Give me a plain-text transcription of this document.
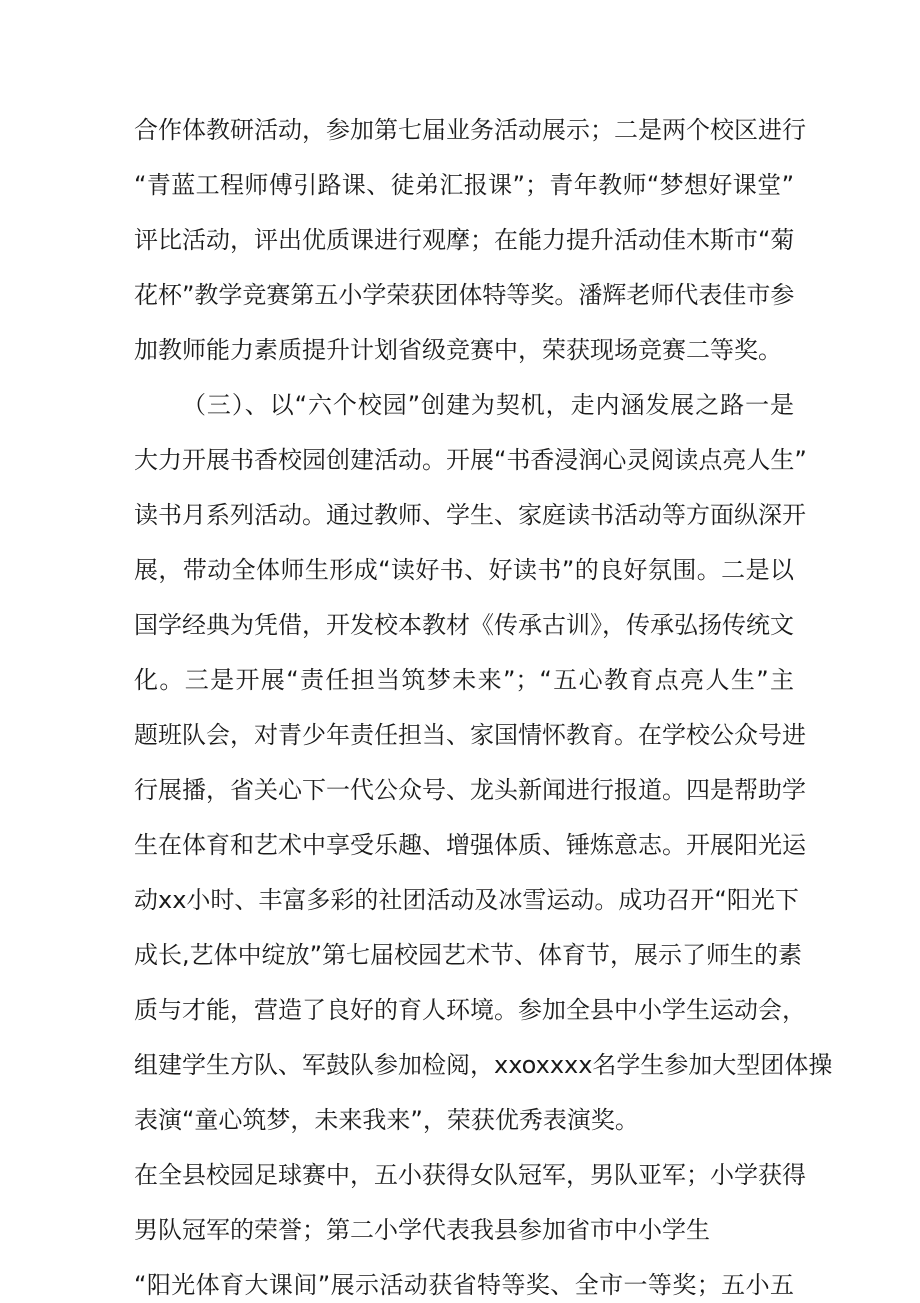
合作体教研活动，参加第七届业务活动展示；二是两个校区进行
“青蓝工程师傅引路课、徒弟汇报课”；青年教师“梦想好课堂”
评比活动，评出优质课进行观摩；在能力提升活动佳木斯市“菊
花杯”教学竞赛第五小学荣获团体特等奖。潘辉老师代表佳市参
加教师能力素质提升计划省级竞赛中，荣获现场竞赛二等奖。
（三）、以“六个校园”创建为契机，走内涵发展之路一是
大力开展书香校园创建活动。开展“书香浸润心灵阅读点亮人生”
读书月系列活动。通过教师、学生、家庭读书活动等方面纵深开
展，带动全体师生形成“读好书、好读书”的良好氛围。二是以
国学经典为凭借，开发校本教材《传承古训》，传承弘扬传统文
化。三是开展“责任担当筑梦未来”；“五心教育点亮人生”主
题班队会，对青少年责任担当、家国情怀教育。在学校公众号进
行展播，省关心下一代公众号、龙头新闻进行报道。四是帮助学
生在体育和艺术中享受乐趣、增强体质、锤炼意志。开展阳光运
动xx小时、丰富多彩的社团活动及冰雪运动。成功召开“阳光下
成长,艺体中绽放”第七届校园艺术节、体育节，展示了师生的素
质与才能，营造了良好的育人环境。参加全县中小学生运动会，
组建学生方队、军鼓队参加检阅，xxoxxxx名学生参加大型团体操
表演“童心筑梦，未来我来”，荣获优秀表演奖。
在全县校园足球赛中，五小获得女队冠军，男队亚军；小学获得
男队冠军的荣誉；第二小学代表我县参加省市中小学生
“阳光体育大课间”展示活动获省特等奖、全市一等奖；五小五
